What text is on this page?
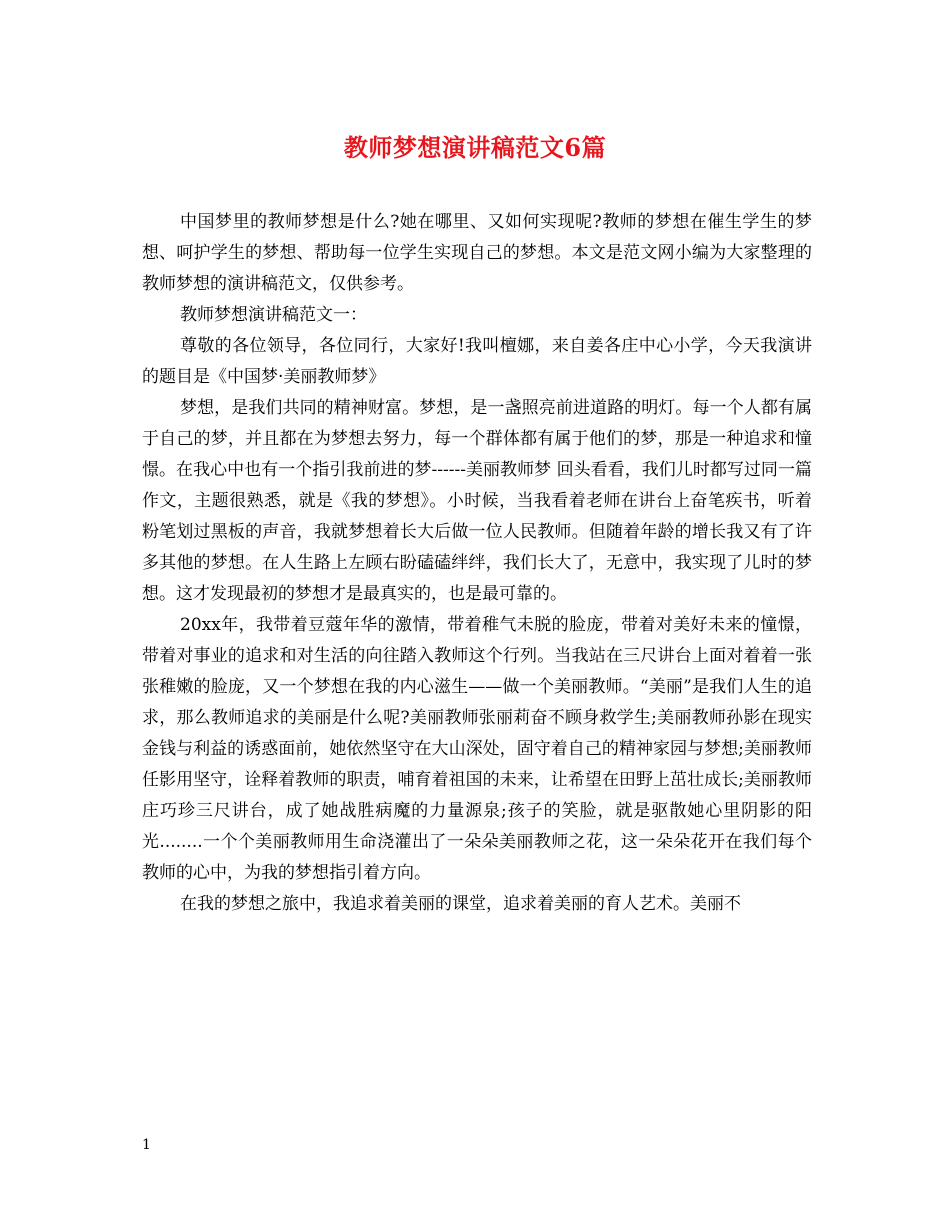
教师梦想演讲稿范文6篇

中国梦里的教师梦想是什么?她在哪里、又如何实现呢?教师的梦想在催生学生的梦想、呵护学生的梦想、帮助每一位学生实现自己的梦想。本文是范文网小编为大家整理的教师梦想的演讲稿范文，仅供参考。

教师梦想演讲稿范文一：

尊敬的各位领导，各位同行，大家好!我叫檀娜，来自姜各庄中心小学，今天我演讲的题目是《中国梦·美丽教师梦》

梦想，是我们共同的精神财富。梦想，是一盏照亮前进道路的明灯。每一个人都有属于自己的梦，并且都在为梦想去努力，每一个群体都有属于他们的梦，那是一种追求和憧憬。在我心中也有一个指引我前进的梦------美丽教师梦 回头看看，我们儿时都写过同一篇作文，主题很熟悉，就是《我的梦想》。小时候，当我看着老师在讲台上奋笔疾书，听着粉笔划过黑板的声音，我就梦想着长大后做一位人民教师。但随着年龄的增长我又有了许多其他的梦想。在人生路上左顾右盼磕磕绊绊，我们长大了，无意中，我实现了儿时的梦想。这才发现最初的梦想才是最真实的，也是最可靠的。

20xx年，我带着豆蔻年华的激情，带着稚气未脱的脸庞，带着对美好未来的憧憬，带着对事业的追求和对生活的向往踏入教师这个行列。当我站在三尺讲台上面对着着一张张稚嫩的脸庞，又一个梦想在我的内心滋生——做一个美丽教师。“美丽”是我们人生的追求，那么教师追求的美丽是什么呢?美丽教师张丽莉奋不顾身救学生;美丽教师孙影在现实金钱与利益的诱惑面前，她依然坚守在大山深处，固守着自己的精神家园与梦想;美丽教师任影用坚守，诠释着教师的职责，哺育着祖国的未来，让希望在田野上茁壮成长;美丽教师庄巧珍三尺讲台，成了她战胜病魔的力量源泉;孩子的笑脸，就是驱散她心里阴影的阳光........一个个美丽教师用生命浇灌出了一朵朵美丽教师之花，这一朵朵花开在我们每个教师的心中，为我的梦想指引着方向。

在我的梦想之旅中，我追求着美丽的课堂，追求着美丽的育人艺术。美丽不

1
